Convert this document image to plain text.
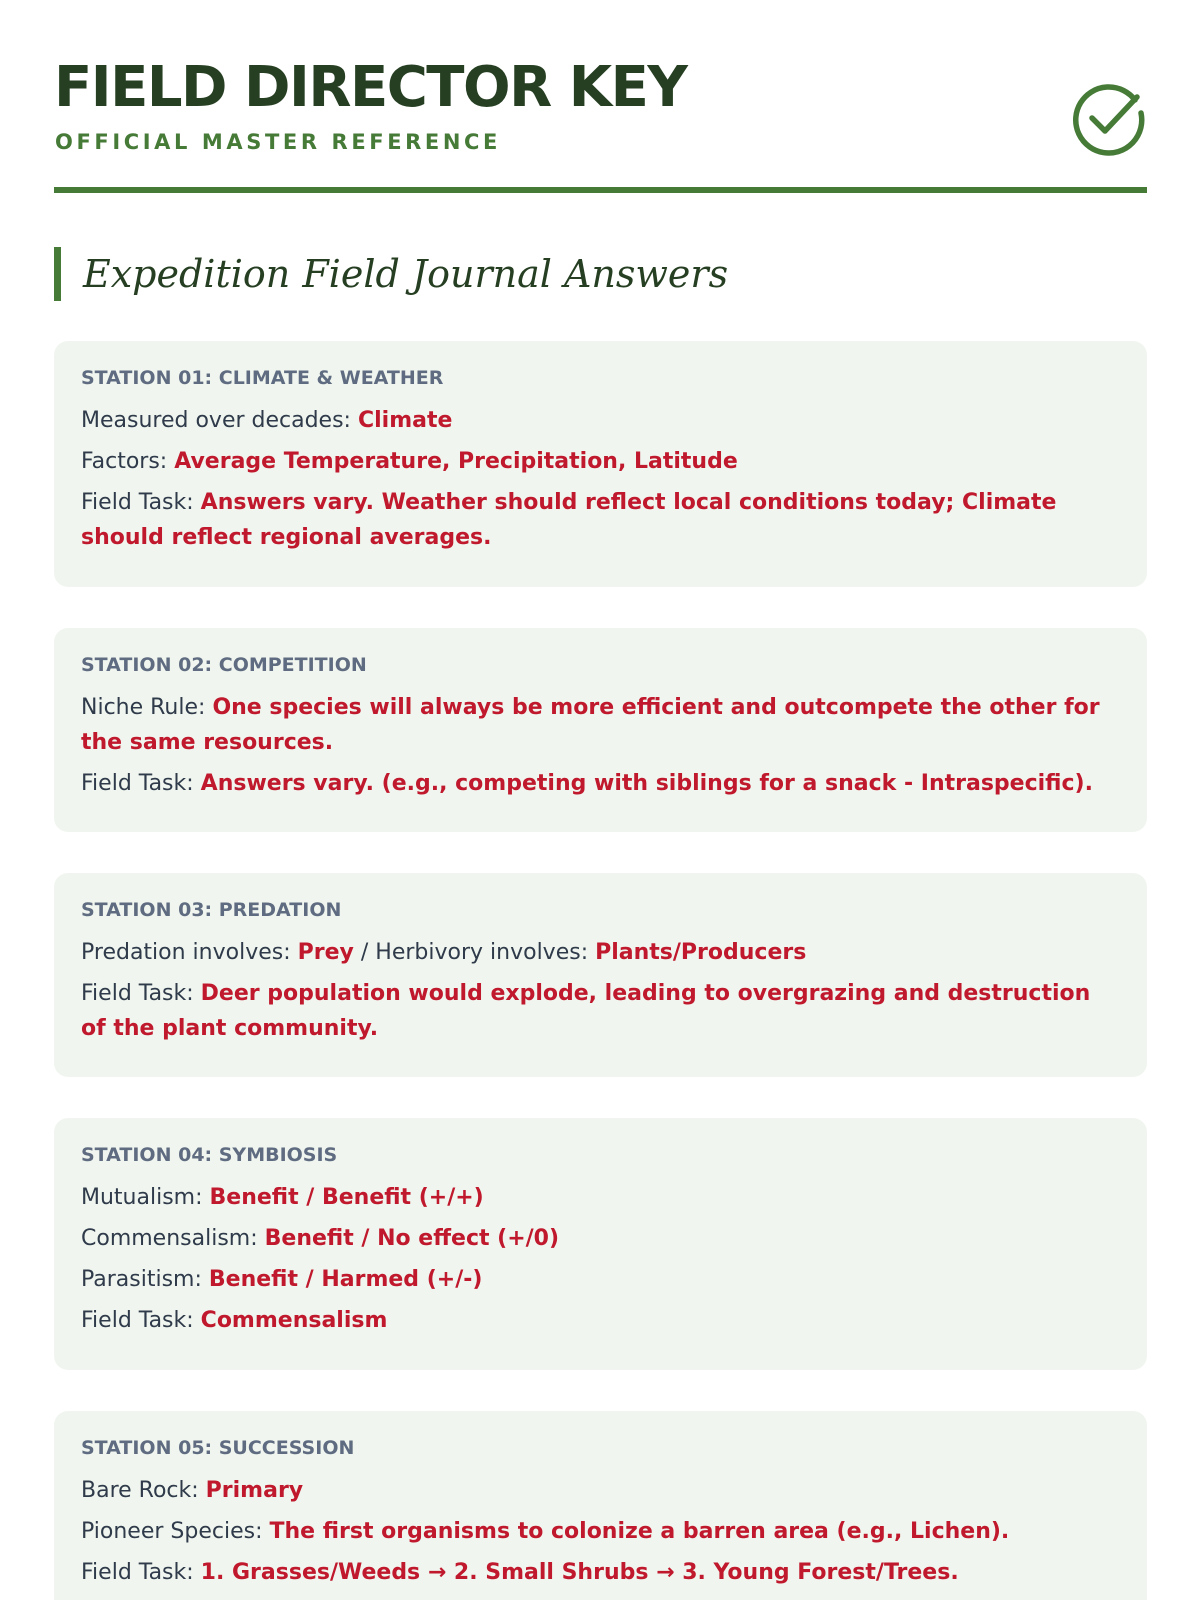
FIELD DIRECTOR KEY

OFFICIAL MASTER REFERENCE

Expedition Field Journal Answers

STATION 01: CLIMATE & WEATHER

Measured over decades: Climate

Factors: Average Temperature, Precipitation, Latitude

Field Task: Answers vary. Weather should reflect local conditions today; Climate should reflect regional averages.

STATION 02: COMPETITION

Niche Rule: One species will always be more efficient and outcompete the other for the same resources.

Field Task: Answers vary. (e.g., competing with siblings for a snack - Intraspecific).

STATION 03: PREDATION

Predation involves: Prey / Herbivory involves: Plants/Producers

Field Task: Deer population would explode, leading to overgrazing and destruction of the plant community.

STATION 04: SYMBIOSIS

Mutualism: Benefit / Benefit (+/+)

Commensalism: Benefit / No effect (+/0)

Parasitism: Benefit / Harmed (+/-)

Field Task: Commensalism

STATION 05: SUCCESSION

Bare Rock: Primary

Pioneer Species: The first organisms to colonize a barren area (e.g., Lichen).

Field Task: 1. Grasses/Weeds → 2. Small Shrubs → 3. Young Forest/Trees.
